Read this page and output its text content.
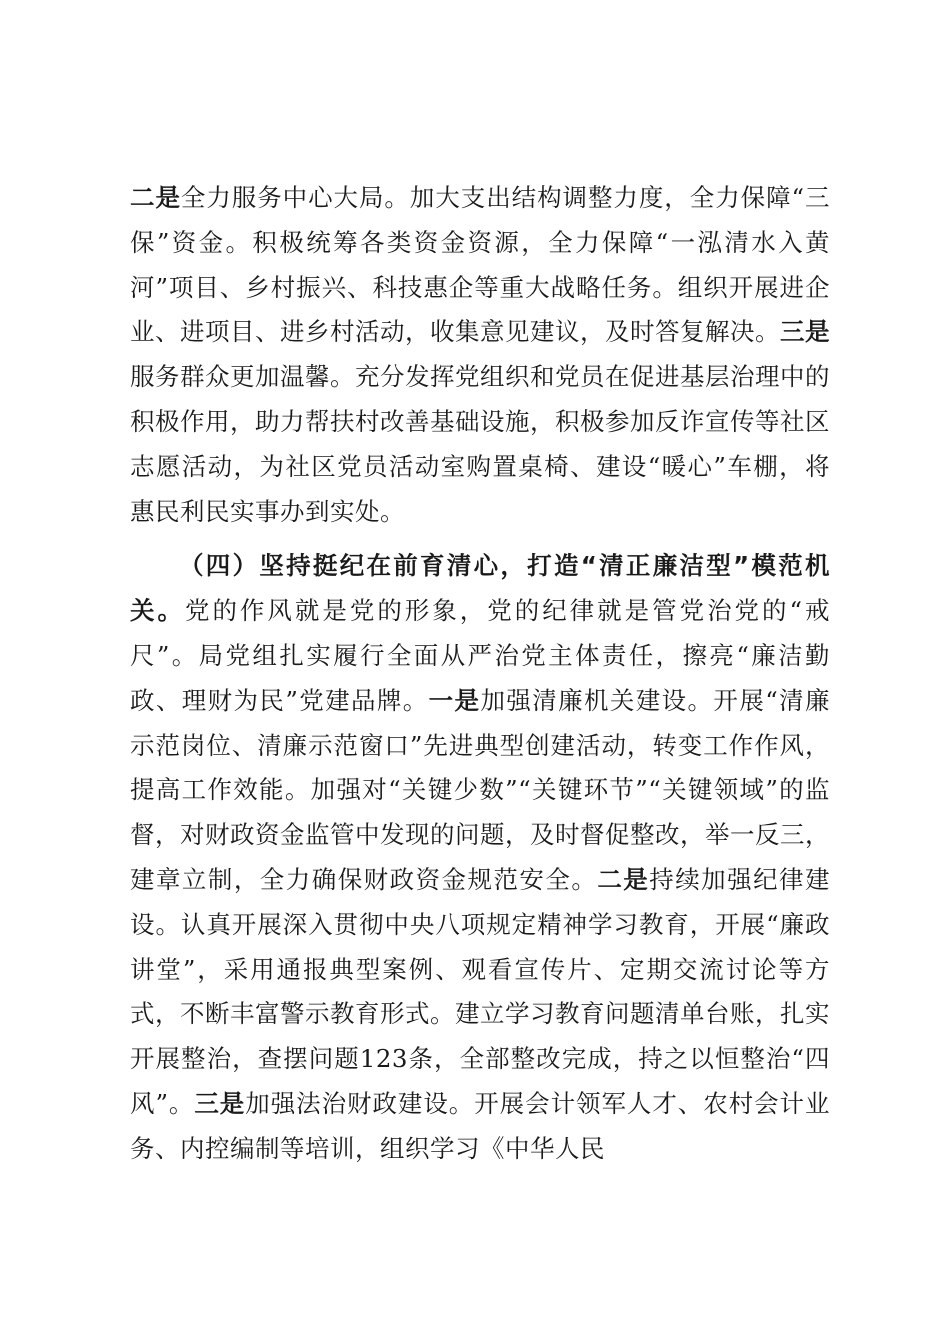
二是全力服务中心大局。加大支出结构调整力度，全力保障“三保”资金。积极统筹各类资金资源，全力保障“一泓清水入黄河”项目、乡村振兴、科技惠企等重大战略任务。组织开展进企业、进项目、进乡村活动，收集意见建议，及时答复解决。三是服务群众更加温馨。充分发挥党组织和党员在促进基层治理中的积极作用，助力帮扶村改善基础设施，积极参加反诈宣传等社区志愿活动，为社区党员活动室购置桌椅、建设“暖心”车棚，将惠民利民实事办到实处。

（四）坚持挺纪在前育清心，打造“清正廉洁型”模范机关。党的作风就是党的形象，党的纪律就是管党治党的“戒尺”。局党组扎实履行全面从严治党主体责任，擦亮“廉洁勤政、理财为民”党建品牌。一是加强清廉机关建设。开展“清廉示范岗位、清廉示范窗口”先进典型创建活动，转变工作作风，提高工作效能。加强对“关键少数”“关键环节”“关键领域”的监督，对财政资金监管中发现的问题，及时督促整改，举一反三，建章立制，全力确保财政资金规范安全。二是持续加强纪律建设。认真开展深入贯彻中央八项规定精神学习教育，开展“廉政讲堂”，采用通报典型案例、观看宣传片、定期交流讨论等方式，不断丰富警示教育形式。建立学习教育问题清单台账，扎实开展整治，查摆问题123条，全部整改完成，持之以恒整治“四风”。三是加强法治财政建设。开展会计领军人才、农村会计业务、内控编制等培训，组织学习《中华人民
